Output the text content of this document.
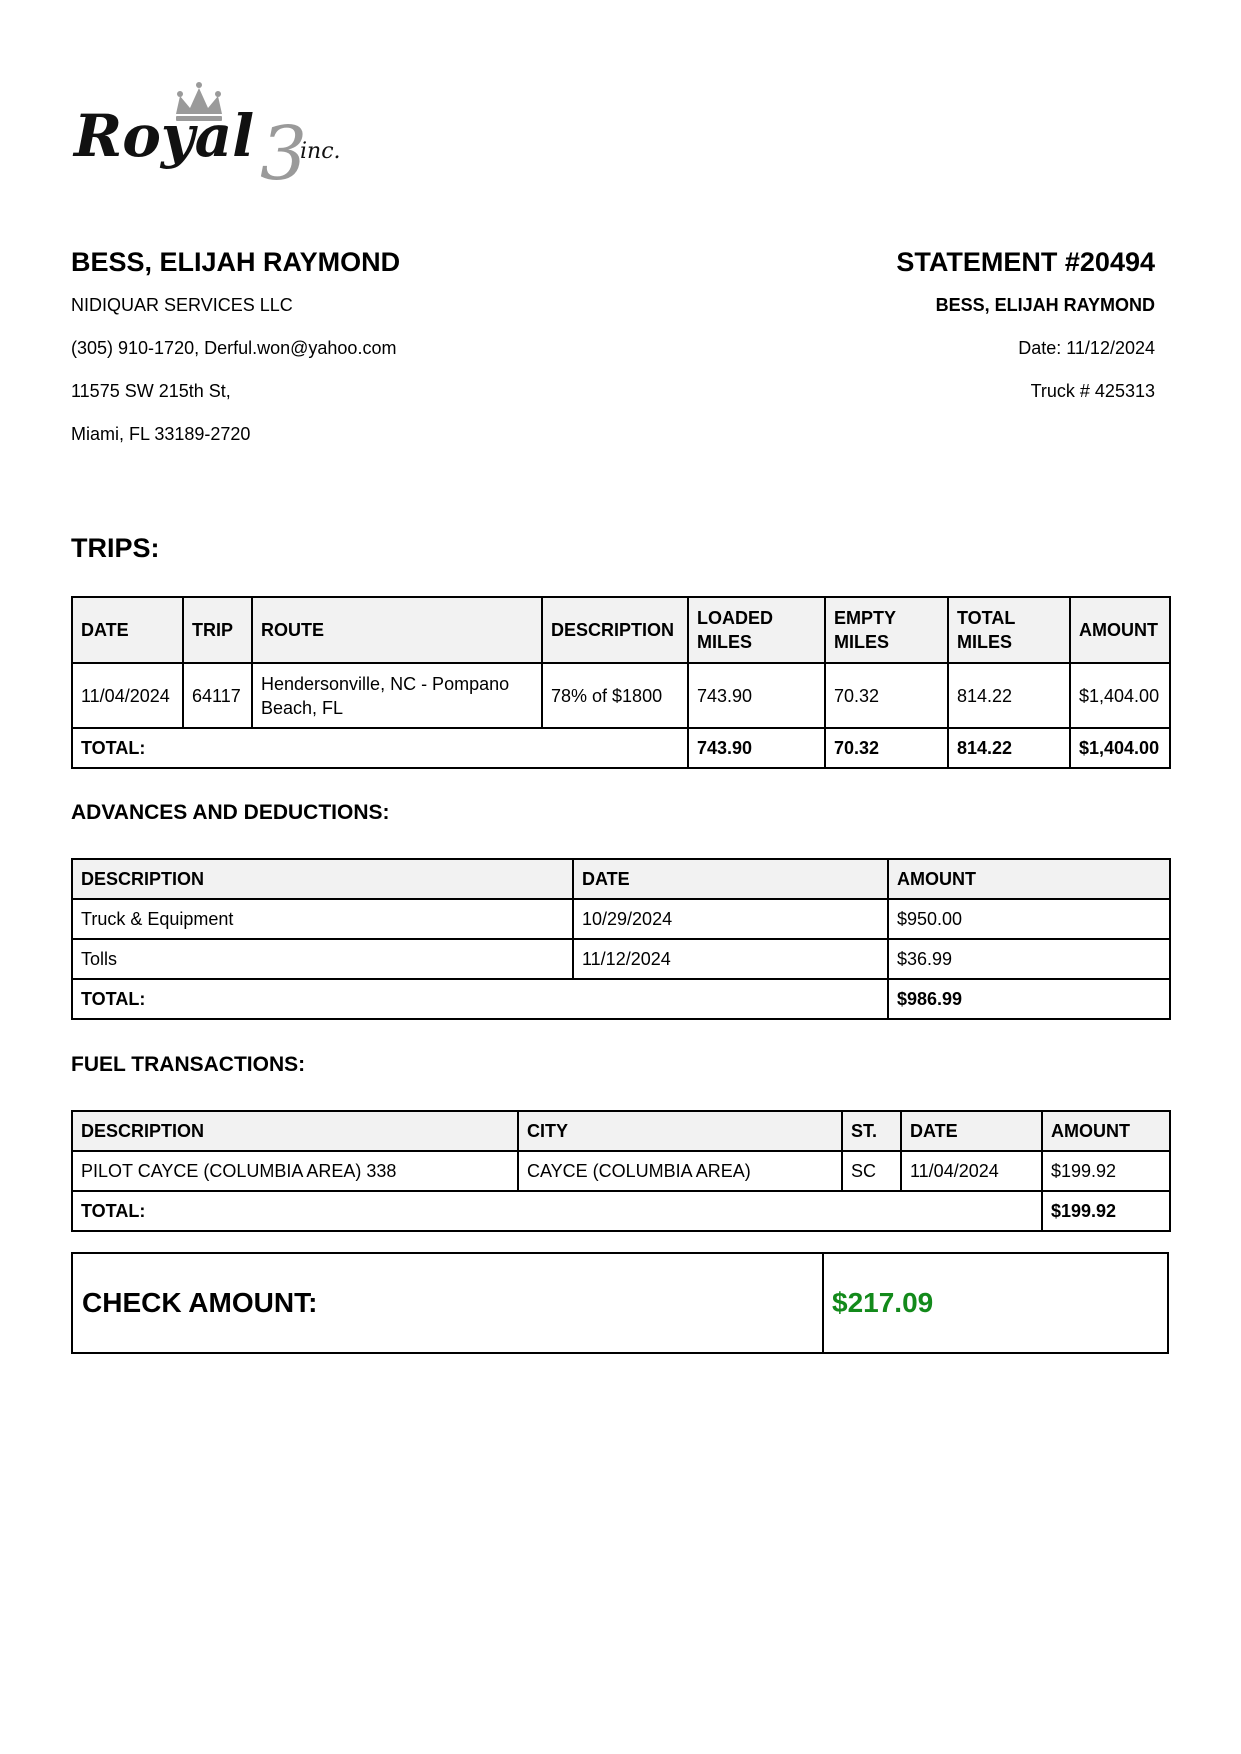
Royal 3
inc.
BESS, ELIJAH RAYMOND
NIDIQUAR SERVICES LLC
(305) 910-1720, Derful.won@yahoo.com
11575 SW 215th St,
Miami, FL 33189-2720
STATEMENT #20494
BESS, ELIJAH RAYMOND
Date: 11/12/2024
Truck # 425313
TRIPS:
DATE	TRIP	ROUTE	DESCRIPTION	LOADED MILES	EMPTY MILES	TOTAL MILES	AMOUNT
11/04/2024	64117	Hendersonville, NC - Pompano Beach, FL	78% of $1800	743.90	70.32	814.22	$1,404.00
TOTAL:				743.90	70.32	814.22	$1,404.00
ADVANCES AND DEDUCTIONS:
DESCRIPTION	DATE	AMOUNT
Truck & Equipment	10/29/2024	$950.00
Tolls	11/12/2024	$36.99
TOTAL:		$986.99
FUEL TRANSACTIONS:
DESCRIPTION	CITY	ST.	DATE	AMOUNT
PILOT CAYCE (COLUMBIA AREA) 338	CAYCE (COLUMBIA AREA)	SC	11/04/2024	$199.92
TOTAL:				$199.92
CHECK AMOUNT:	$217.09
